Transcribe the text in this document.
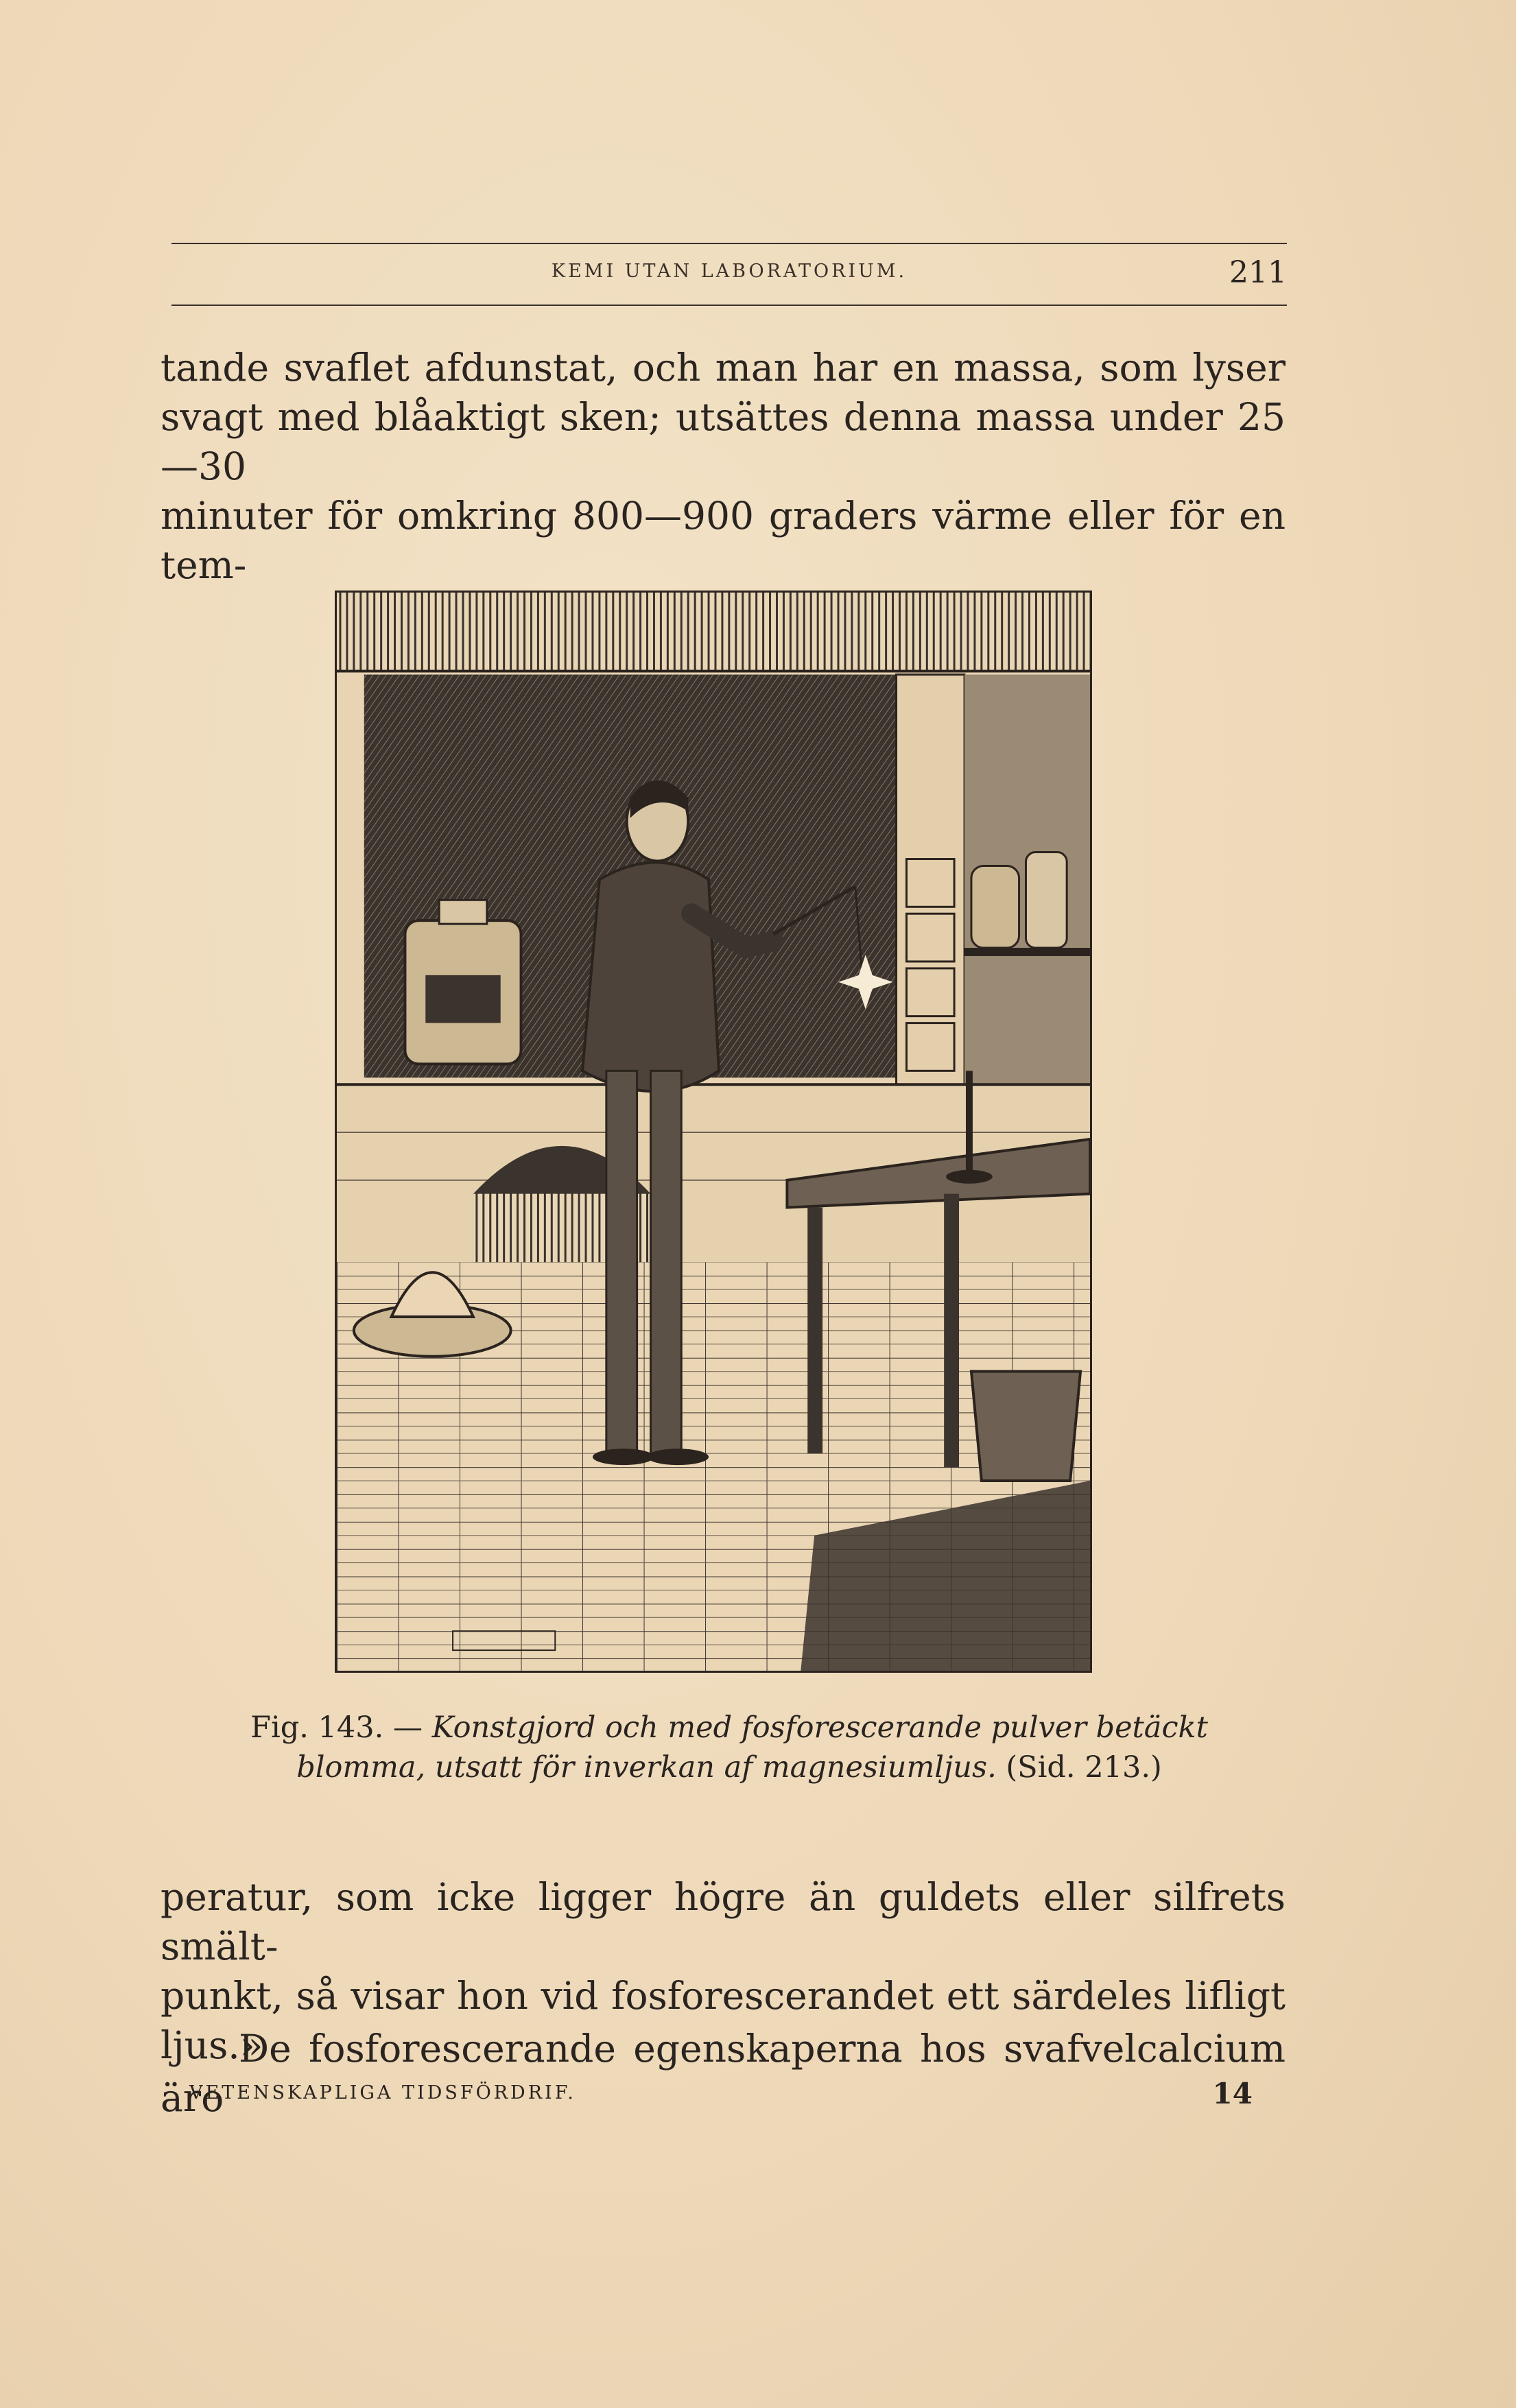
KEMI UTAN LABORATORIUM.	211
tande svaflet afdunstat, och man har en massa, som lyser
svagt med blåaktigt sken; utsättes denna massa under 25—30
minuter för omkring 800—900 graders värme eller för en tem-
Fig. 143. — Konstgjord och med fosforescerande pulver betäckt
blomma, utsatt för inverkan af magnesiumljus. (Sid. 213.)
peratur, som icke ligger högre än guldets eller silfrets smält-
punkt, så visar hon vid fosforescerandet ett särdeles lifligt
ljus.»
De fosforescerande egenskaperna hos svafvelcalcium äro
VETENSKAPLIGA TIDSFÖRDRIF.	14
